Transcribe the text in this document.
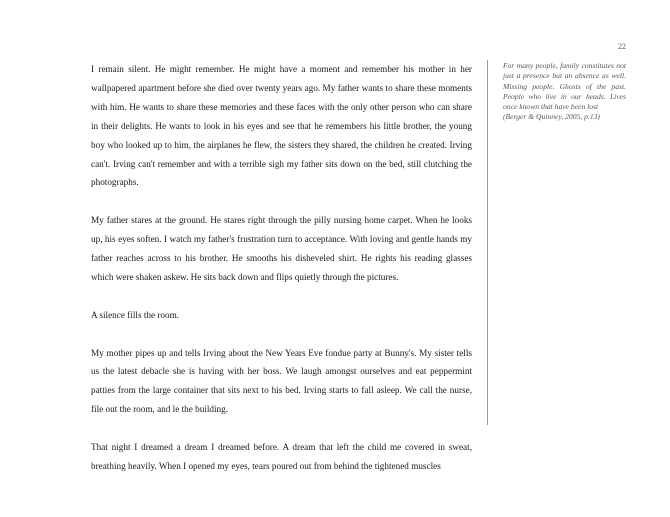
22

I remain silent. He might remember. He might have a moment and remember his mother in her wallpapered apartment before she died over twenty years ago. My father wants to share these moments with him. He wants to share these memories and these faces with the only other person who can share in their delights. He wants to look in his eyes and see that he remembers his little brother, the young boy who looked up to him, the airplanes he flew, the sisters they shared, the children he created. Irving can't. Irving can't remember and with a terrible sigh my father sits down on the bed, still clutching the photographs.

My father stares at the ground. He stares right through the pilly nursing home carpet. When he looks up, his eyes soften. I watch my father's frustration turn to acceptance. With loving and gentle hands my father reaches across to his brother. He smooths his disheveled shirt. He rights his reading glasses which were shaken askew. He sits back down and flips quietly through the pictures.

A silence fills the room.

My mother pipes up and tells Irving about the New Years Eve fondue party at Bunny's. My sister tells us the latest debacle she is having with her boss. We laugh amongst ourselves and eat peppermint patties from the large container that sits next to his bed. Irving starts to fall asleep. We call the nurse, file out the room, and le the building.

That night I dreamed a dream I dreamed before. A dream that left the child me covered in sweat, breathing heavily. When I opened my eyes, tears poured out from behind the tightened muscles

For many people, family constitutes not just a presence but an absence as well. Missing people. Ghosts of the past. People who live in our heads. Lives once known that have been lost
(Berger & Quinney, 2005, p.13)
